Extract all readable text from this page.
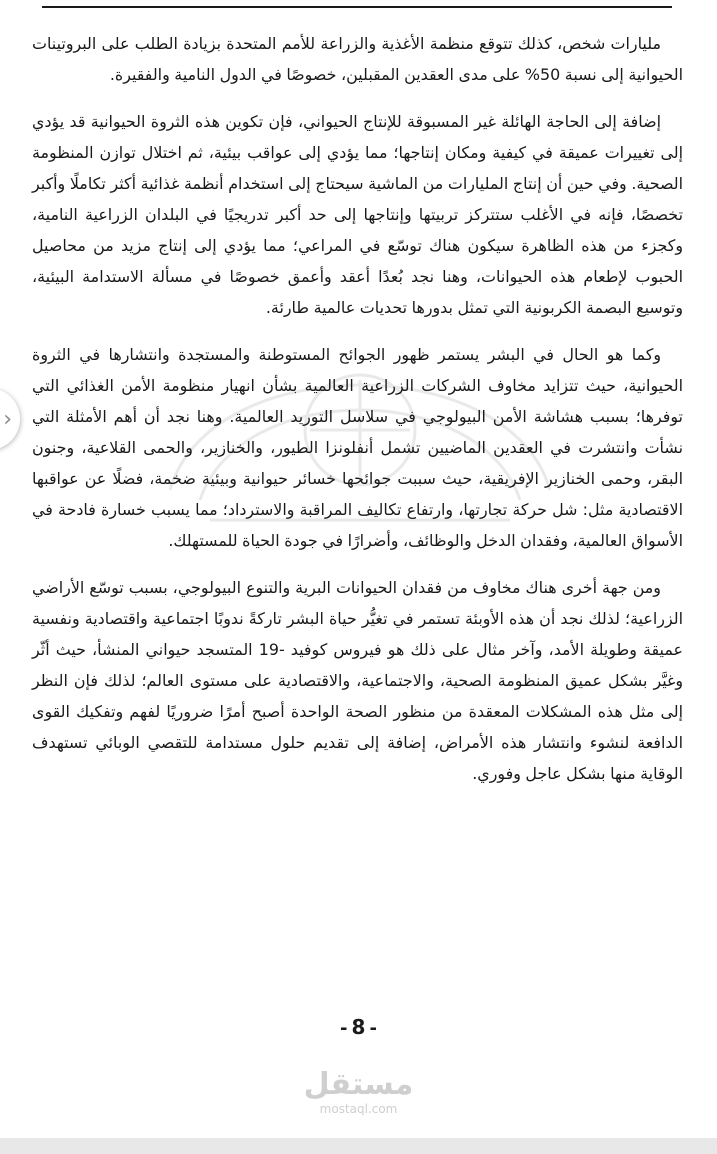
›

مليارات شخص، كذلك تتوقع منظمة الأغذية والزراعة للأمم المتحدة بزيادة الطلب على البروتينات الحيوانية إلى نسبة 50% على مدى العقدين المقبلين، خصوصًا في الدول النامية والفقيرة.

إضافة إلى الحاجة الهائلة غير المسبوقة للإنتاج الحيواني، فإن تكوين هذه الثروة الحيوانية قد يؤدي إلى تغييرات عميقة في كيفية ومكان إنتاجها؛ مما يؤدي إلى عواقب بيئية، ثم اختلال توازن المنظومة الصحية. وفي حين أن إنتاج المليارات من الماشية سيحتاج إلى استخدام أنظمة غذائية أكثر تكاملًا وأكبر تخصصًا، فإنه في الأغلب ستتركز تربيتها وإنتاجها إلى حد أكبر تدريجيًا في البلدان الزراعية النامية، وكجزء من هذه الظاهرة سيكون هناك توسّع في المراعي؛ مما يؤدي إلى إنتاج مزيد من محاصيل الحبوب لإطعام هذه الحيوانات، وهنا نجد بُعدًا أعقد وأعمق خصوصًا في مسألة الاستدامة البيئية، وتوسيع البصمة الكربونية التي تمثل بدورها تحديات عالمية طارئة.

وكما هو الحال في البشر يستمر ظهور الجوائح المستوطنة والمستجدة وانتشارها في الثروة الحيوانية، حيث تتزايد مخاوف الشركات الزراعية العالمية بشأن انهيار منظومة الأمن الغذائي التي توفرها؛ بسبب هشاشة الأمن البيولوجي في سلاسل التوريد العالمية. وهنا نجد أن أهم الأمثلة التي نشأت وانتشرت في العقدين الماضيين تشمل أنفلونزا الطيور، والخنازير، والحمى القلاعية، وجنون البقر، وحمى الخنازير الإفريقية، حيث سببت جوائحها خسائر حيوانية وبيئية ضخمة، فضلًا عن عواقبها الاقتصادية مثل: شل حركة تجارتها، وارتفاع تكاليف المراقبة والاسترداد؛ مما يسبب خسارة فادحة في الأسواق العالمية، وفقدان الدخل والوظائف، وأضرارًا في جودة الحياة للمستهلك.

ومن جهة أخرى هناك مخاوف من فقدان الحيوانات البرية والتنوع البيولوجي، بسبب توسّع الأراضي الزراعية؛ لذلك نجد أن هذه الأوبئة تستمر في تغيُّر حياة البشر تاركةً ندوبًا اجتماعية واقتصادية ونفسية عميقة وطويلة الأمد، وآخر مثال على ذلك هو فيروس كوفيد -19 المتسجد حيواني المنشأ، حيث أثّر وغيَّر بشكل عميق المنظومة الصحية، والاجتماعية، والاقتصادية على مستوى العالم؛ لذلك فإن النظر إلى مثل هذه المشكلات المعقدة من منظور الصحة الواحدة أصبح أمرًا ضروريًا لفهم وتفكيك القوى الدافعة لنشوء وانتشار هذه الأمراض، إضافة إلى تقديم حلول مستدامة للتقصي الوبائي تستهدف الوقاية منها بشكل عاجل وفوري.

- 8 -
مستقل
mostaql.com
